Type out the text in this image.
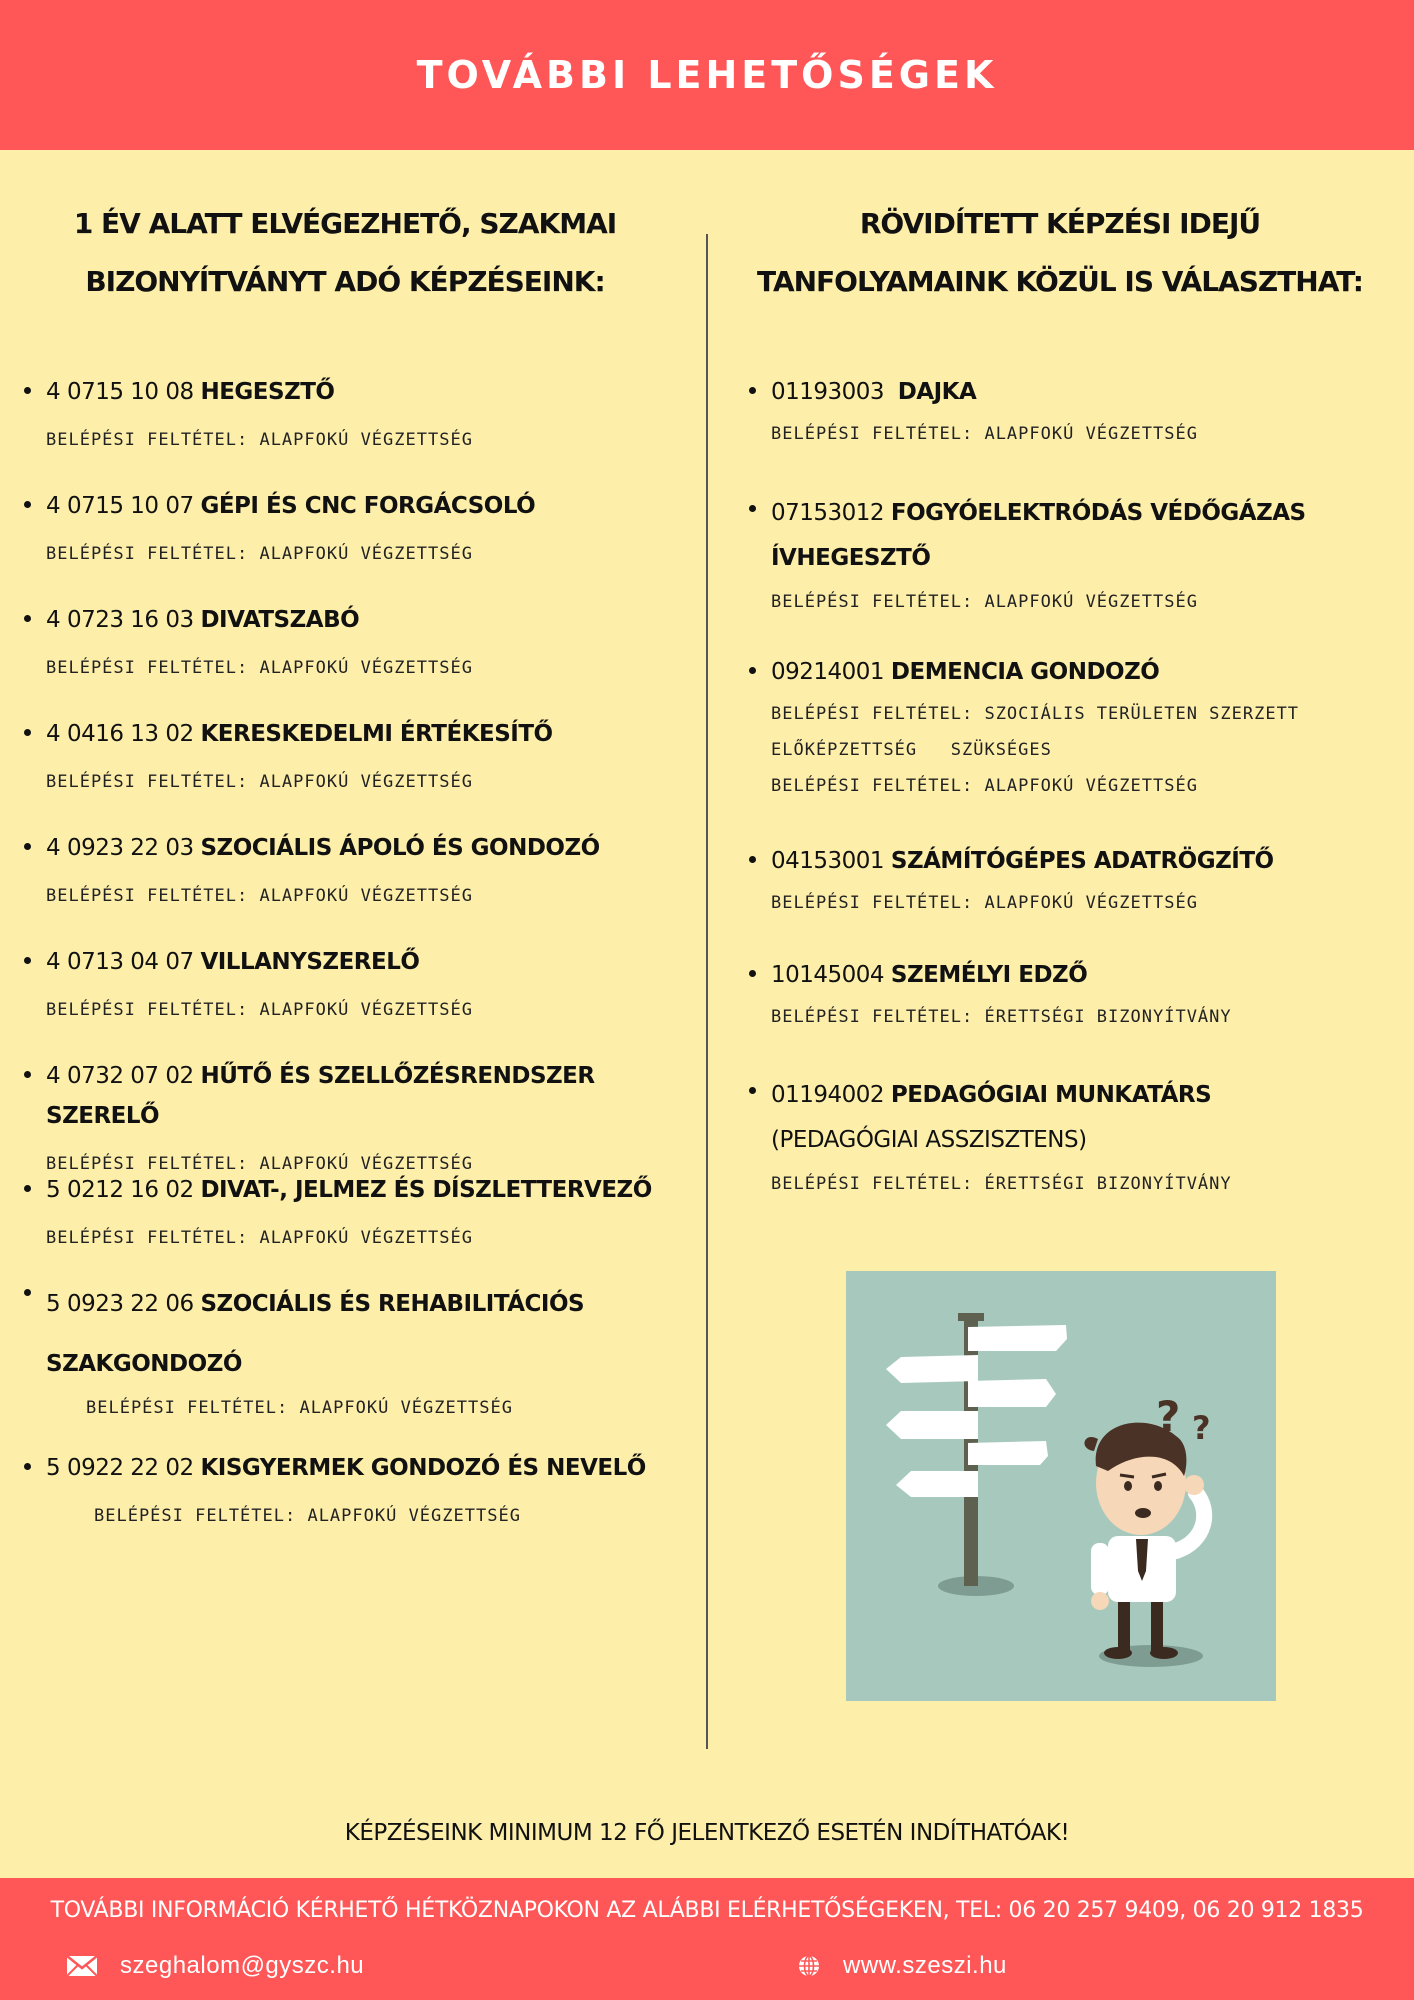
TOVÁBBI LEHETŐSÉGEK
1 ÉV ALATT ELVÉGEZHETŐ, SZAKMAI
BIZONYÍTVÁNYT ADÓ KÉPZÉSEINK:
RÖVIDÍTETT KÉPZÉSI IDEJŰ
TANFOLYAMAINK KÖZÜL IS VÁLASZTHAT:
4 0715 10 08 HEGESZTŐ
BELÉPÉSI FELTÉTEL: ALAPFOKÚ VÉGZETTSÉG
4 0715 10 07 GÉPI ÉS CNC FORGÁCSOLÓ
BELÉPÉSI FELTÉTEL: ALAPFOKÚ VÉGZETTSÉG
4 0723 16 03 DIVATSZABÓ
BELÉPÉSI FELTÉTEL: ALAPFOKÚ VÉGZETTSÉG
4 0416 13 02 KERESKEDELMI ÉRTÉKESÍTŐ
BELÉPÉSI FELTÉTEL: ALAPFOKÚ VÉGZETTSÉG
4 0923 22 03 SZOCIÁLIS ÁPOLÓ ÉS GONDOZÓ
BELÉPÉSI FELTÉTEL: ALAPFOKÚ VÉGZETTSÉG
4 0713 04 07 VILLANYSZERELŐ
BELÉPÉSI FELTÉTEL: ALAPFOKÚ VÉGZETTSÉG
4 0732 07 02 HŰTŐ ÉS SZELLŐZÉSRENDSZER SZERELŐ
BELÉPÉSI FELTÉTEL: ALAPFOKÚ VÉGZETTSÉG
5 0212 16 02 DIVAT-, JELMEZ ÉS DÍSZLETTERVEZŐ
BELÉPÉSI FELTÉTEL: ALAPFOKÚ VÉGZETTSÉG
5 0923 22 06 SZOCIÁLIS ÉS REHABILITÁCIÓS
SZAKGONDOZÓ
BELÉPÉSI FELTÉTEL: ALAPFOKÚ VÉGZETTSÉG
5 0922 22 02 KISGYERMEK GONDOZÓ ÉS NEVELŐ
BELÉPÉSI FELTÉTEL: ALAPFOKÚ VÉGZETTSÉG
01193003 DAJKA
BELÉPÉSI FELTÉTEL: ALAPFOKÚ VÉGZETTSÉG
07153012 FOGYÓELEKTRÓDÁS VÉDŐGÁZAS
ÍVHEGESZTŐ
BELÉPÉSI FELTÉTEL: ALAPFOKÚ VÉGZETTSÉG
09214001 DEMENCIA GONDOZÓ
BELÉPÉSI FELTÉTEL: SZOCIÁLIS TERÜLETEN SZERZETT
ELŐKÉPZETTSÉG   SZÜKSÉGES
BELÉPÉSI FELTÉTEL: ALAPFOKÚ VÉGZETTSÉG
04153001 SZÁMÍTÓGÉPES ADATRÖGZÍTŐ
BELÉPÉSI FELTÉTEL: ALAPFOKÚ VÉGZETTSÉG
10145004 SZEMÉLYI EDZŐ
BELÉPÉSI FELTÉTEL: ÉRETTSÉGI BIZONYÍTVÁNY
01194002 PEDAGÓGIAI MUNKATÁRS
(PEDAGÓGIAI ASSZISZTENS)
BELÉPÉSI FELTÉTEL: ÉRETTSÉGI BIZONYÍTVÁNY
? ?
KÉPZÉSEINK MINIMUM 12 FŐ JELENTKEZŐ ESETÉN INDÍTHATÓAK!
TOVÁBBI INFORMÁCIÓ KÉRHETŐ HÉTKÖZNAPOKON AZ ALÁBBI ELÉRHETŐSÉGEKEN, TEL: 06 20 257 9409, 06 20 912 1835
szeghalom@gyszc.hu	www.szeszi.hu
